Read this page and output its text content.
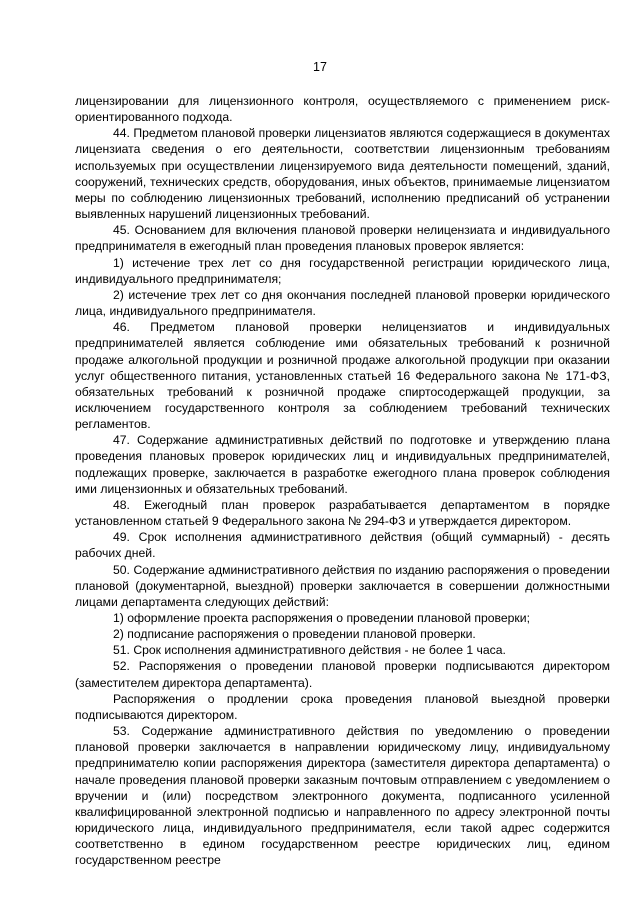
17

лицензировании для лицензионного контроля, осуществляемого с применением риск-ориентированного подхода.

44. Предметом плановой проверки лицензиатов являются содержащиеся в документах лицензиата сведения о его деятельности, соответствии лицензионным требованиям используемых при осуществлении лицензируемого вида деятельности помещений, зданий, сооружений, технических средств, оборудования, иных объектов, принимаемые лицензиатом меры по соблюдению лицензионных требований, исполнению предписаний об устранении выявленных нарушений лицензионных требований.

45. Основанием для включения плановой проверки нелицензиата и индивидуального предпринимателя в ежегодный план проведения плановых проверок является:

1) истечение трех лет со дня государственной регистрации юридического лица, индивидуального предпринимателя;

2) истечение трех лет со дня окончания последней плановой проверки юридического лица, индивидуального предпринимателя.

46. Предметом плановой проверки нелицензиатов и индивидуальных предпринимателей является соблюдение ими обязательных требований к розничной продаже алкогольной продукции и розничной продаже алкогольной продукции при оказании услуг общественного питания, установленных статьей 16 Федерального закона № 171-ФЗ, обязательных требований к розничной продаже спиртосодержащей продукции, за исключением государственного контроля за соблюдением требований технических регламентов.

47. Содержание административных действий по подготовке и утверждению плана проведения плановых проверок юридических лиц и индивидуальных предпринимателей, подлежащих проверке, заключается в разработке ежегодного плана проверок соблюдения ими лицензионных и обязательных требований.

48. Ежегодный план проверок разрабатывается департаментом в порядке установленном статьей 9 Федерального закона № 294-ФЗ и утверждается директором.

49. Срок исполнения административного действия (общий суммарный) - десять рабочих дней.

50. Содержание административного действия по изданию распоряжения о проведении плановой (документарной, выездной) проверки заключается в совершении должностными лицами департамента следующих действий:

1) оформление проекта распоряжения о проведении плановой проверки;

2) подписание распоряжения о проведении плановой проверки.

51. Срок исполнения административного действия - не более 1 часа.

52. Распоряжения о проведении плановой проверки подписываются директором (заместителем директора департамента).

Распоряжения о продлении срока проведения плановой выездной проверки подписываются директором.

53. Содержание административного действия по уведомлению о проведении плановой проверки заключается в направлении юридическому лицу, индивидуальному предпринимателю копии распоряжения директора (заместителя директора департамента) о начале проведения плановой проверки заказным почтовым отправлением с уведомлением о вручении и (или) посредством электронного документа, подписанного усиленной квалифицированной электронной подписью и направленного по адресу электронной почты юридического лица, индивидуального предпринимателя, если такой адрес содержится соответственно в едином государственном реестре юридических лиц, едином государственном реестре
